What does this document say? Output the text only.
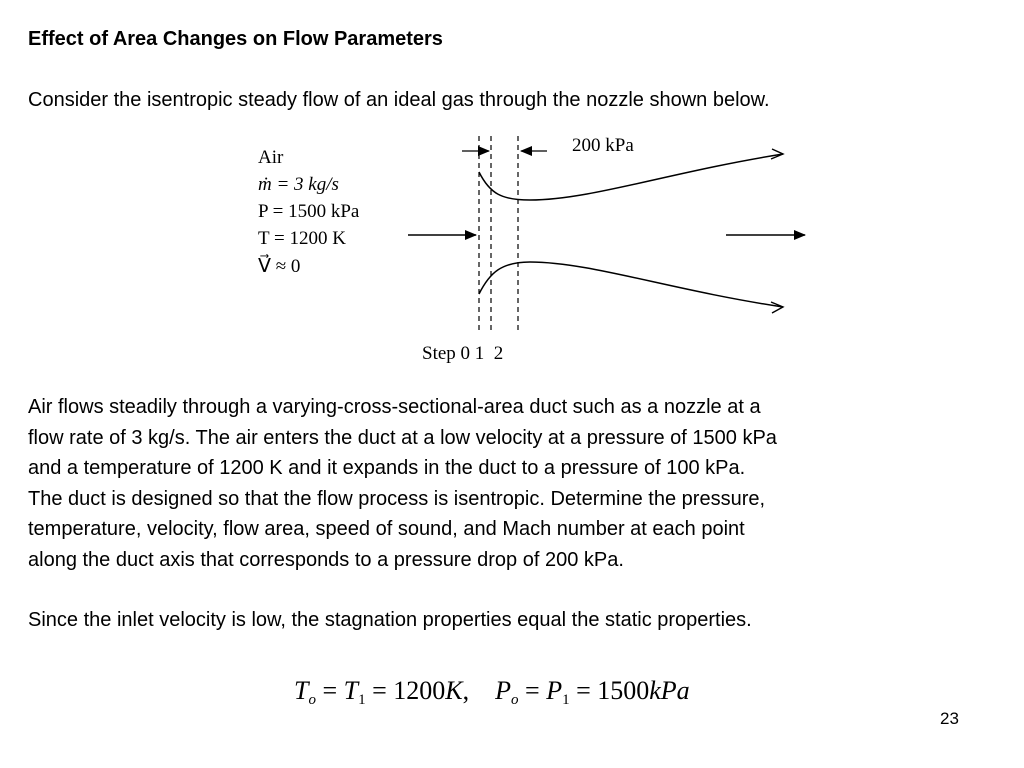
Effect of Area Changes on Flow Parameters
Consider the isentropic steady flow of an ideal gas through the nozzle shown below.
Air
ṁ = 3 kg/s
P = 1500 kPa
T = 1200 K
V⃗ ≈ 0
200 kPa
Step 0 1  2

Air flows steadily through a varying-cross-sectional-area duct such as a nozzle at a
flow rate of 3 kg/s. The air enters the duct at a low velocity at a pressure of 1500 kPa
and a temperature of 1200 K and it expands in the duct to a pressure of 100 kPa.
The duct is designed so that the flow process is isentropic. Determine the pressure,
temperature, velocity, flow area, speed of sound, and Mach number at each point
along the duct axis that corresponds to a pressure drop of 200 kPa.

Since the inlet velocity is low, the stagnation properties equal the static properties.
$T_o = T_1 = 1200K$, $P_o = P_1 = 1500kPa$
23
